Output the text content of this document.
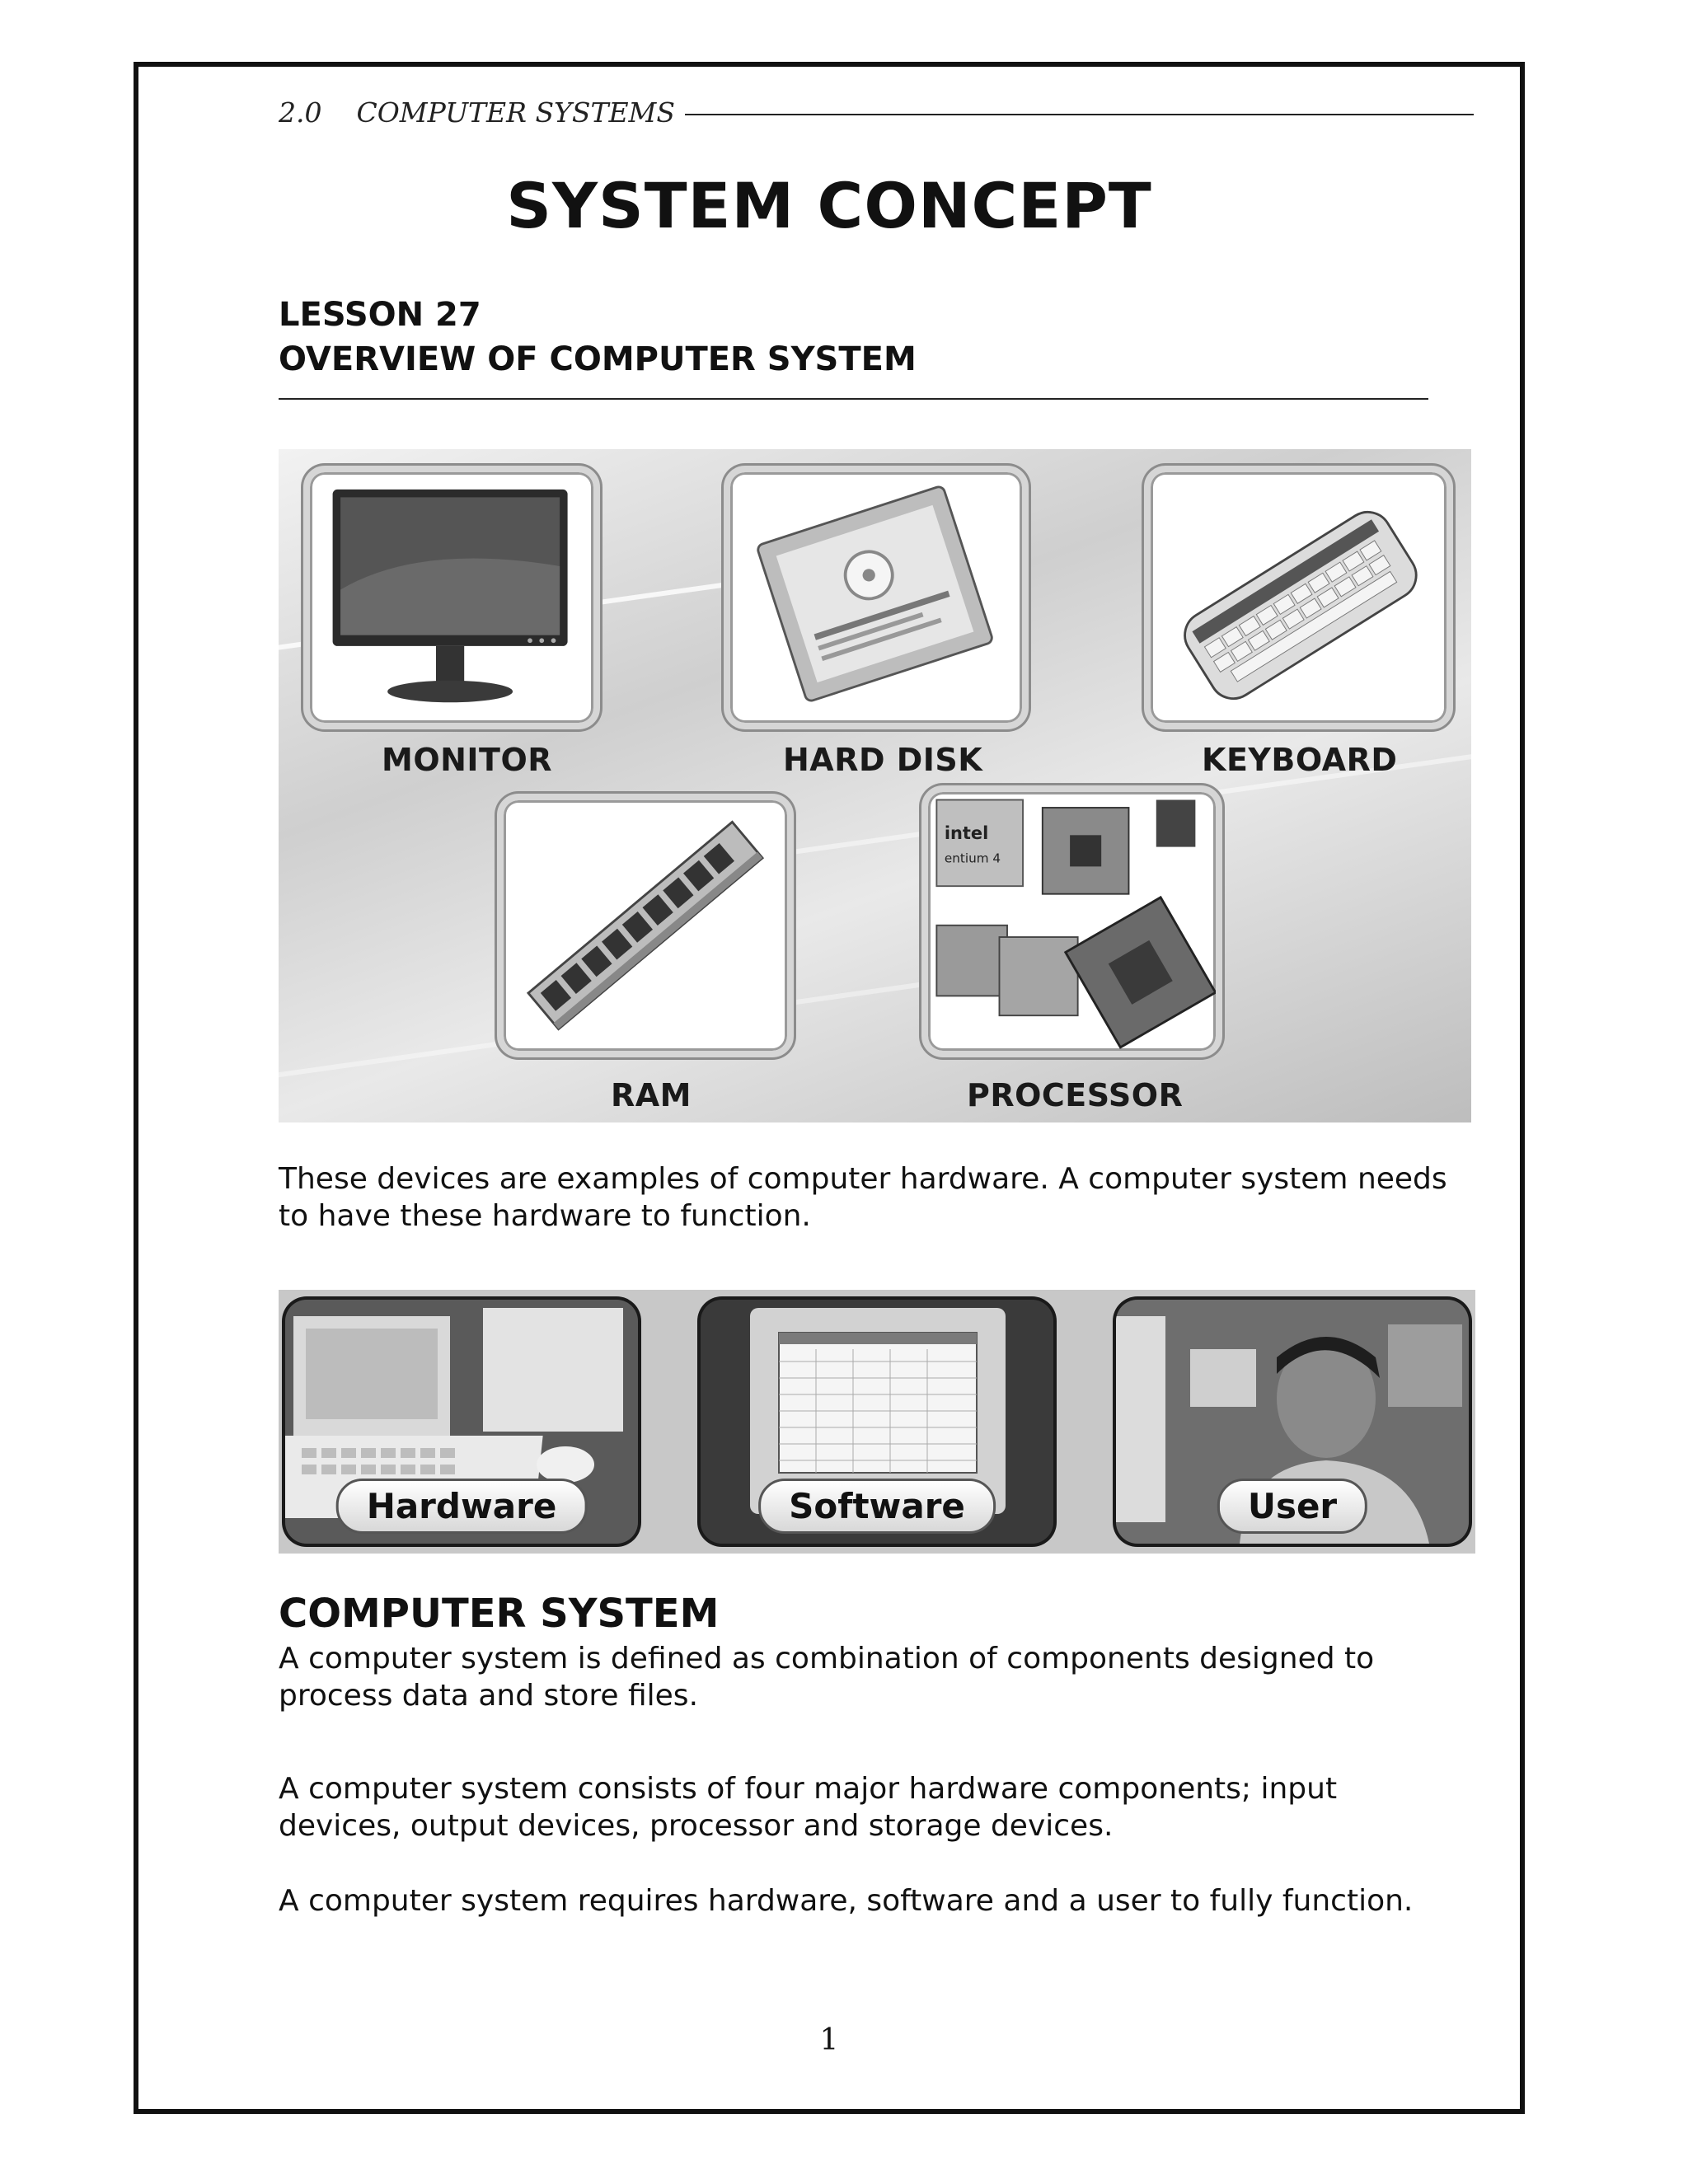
2.0 COMPUTER SYSTEMS
SYSTEM CONCEPT
LESSON 27
OVERVIEW OF COMPUTER SYSTEM
MONITOR	HARD DISK	KEYBOARD
RAM
intel
entium 4
PROCESSOR
These devices are examples of computer hardware. A computer system needs to have these hardware to function.
Hardware	Software	User
COMPUTER SYSTEM
A computer system is defined as combination of components designed to process data and store files.
A computer system consists of four major hardware components; input devices, output devices, processor and storage devices.
A computer system requires hardware, software and a user to fully function.
1
